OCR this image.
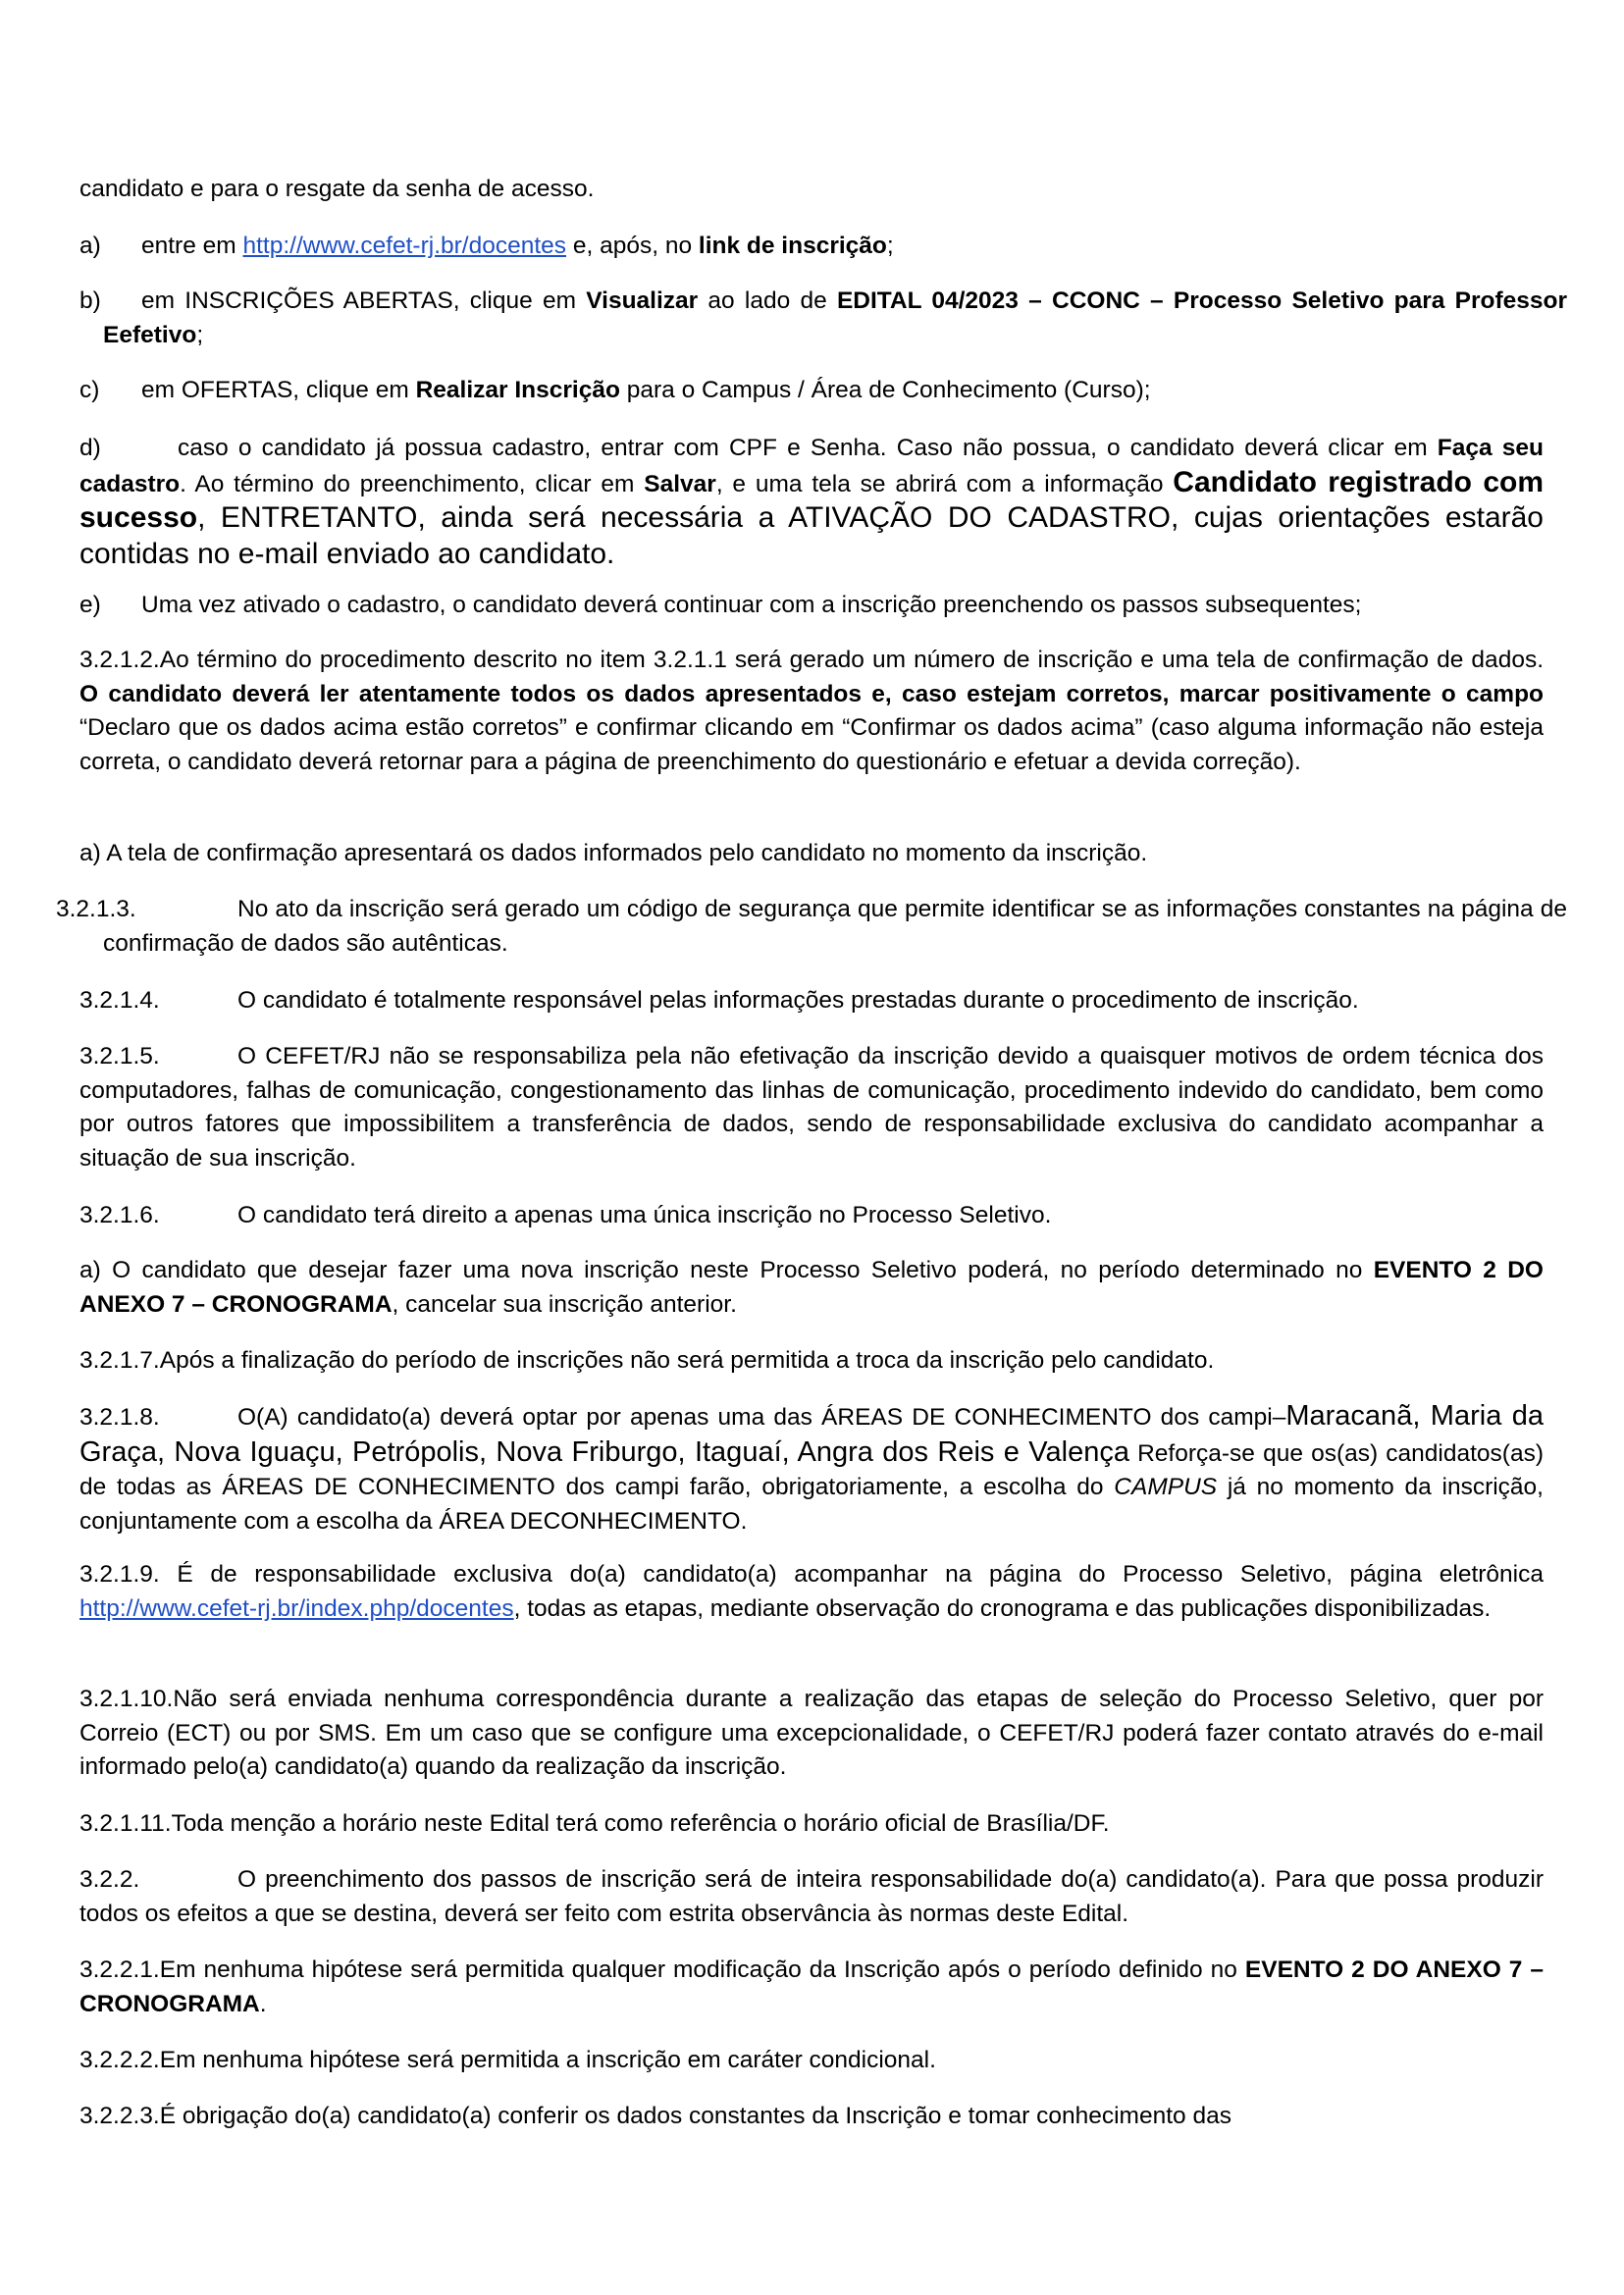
candidato e para o resgate da senha de acesso.

a) entre em http://www.cefet-rj.br/docentes e, após, no link de inscrição;

b) em INSCRIÇÕES ABERTAS, clique em Visualizar ao lado de EDITAL 04/2023 – CCONC – Processo Seletivo para Professor Eefetivo;

c) em OFERTAS, clique em Realizar Inscrição para o Campus / Área de Conhecimento (Curso);

d)	caso o candidato já possua cadastro, entrar com CPF e Senha. Caso não possua, o candidato deverá clicar em Faça seu cadastro. Ao término do preenchimento, clicar em Salvar, e uma tela se abrirá com a informação Candidato registrado com sucesso, ENTRETANTO, ainda será necessária a ATIVAÇÃO DO CADASTRO, cujas orientações estarão contidas no e-mail enviado ao candidato.

e) Uma vez ativado o cadastro, o candidato deverá continuar com a inscrição preenchendo os passos subsequentes;

3.2.1.2.Ao término do procedimento descrito no item 3.2.1.1 será gerado um número de inscrição e uma tela de confirmação de dados. O candidato deverá ler atentamente todos os dados apresentados e, caso estejam corretos, marcar positivamente o campo “Declaro que os dados acima estão corretos” e confirmar clicando em “Confirmar os dados acima” (caso alguma informação não esteja correta, o candidato deverá retornar para a página de preenchimento do questionário e efetuar a devida correção).

a) A tela de confirmação apresentará os dados informados pelo candidato no momento da inscrição.

3.2.1.3.	No ato da inscrição será gerado um código de segurança que permite identificar se as informações constantes na página de confirmação de dados são autênticas.

3.2.1.4.	O candidato é totalmente responsável pelas informações prestadas durante o procedimento de inscrição.

3.2.1.5.	O CEFET/RJ não se responsabiliza pela não efetivação da inscrição devido a quaisquer motivos de ordem técnica dos computadores, falhas de comunicação, congestionamento das linhas de comunicação, procedimento indevido do candidato, bem como por outros fatores que impossibilitem a transferência de dados, sendo de responsabilidade exclusiva do candidato acompanhar a situação de sua inscrição.

3.2.1.6.	O candidato terá direito a apenas uma única inscrição no Processo Seletivo.

a) O candidato que desejar fazer uma nova inscrição neste Processo Seletivo poderá, no período determinado no EVENTO 2 DO ANEXO 7 – CRONOGRAMA, cancelar sua inscrição anterior.

3.2.1.7.Após a finalização do período de inscrições não será permitida a troca da inscrição pelo candidato.

3.2.1.8.	O(A) candidato(a) deverá optar por apenas uma das ÁREAS DE CONHECIMENTO dos campi–Maracanã, Maria da Graça, Nova Iguaçu, Petrópolis, Nova Friburgo, Itaguaí, Angra dos Reis e Valença Reforça-se que os(as) candidatos(as) de todas as ÁREAS DE CONHECIMENTO dos campi farão, obrigatoriamente, a escolha do CAMPUS já no momento da inscrição, conjuntamente com a escolha da ÁREA DECONHECIMENTO.

3.2.1.9. É de responsabilidade exclusiva do(a) candidato(a) acompanhar na página do Processo Seletivo, página eletrônica http://www.cefet-rj.br/index.php/docentes, todas as etapas, mediante observação do cronograma e das publicações disponibilizadas.

3.2.1.10.Não será enviada nenhuma correspondência durante a realização das etapas de seleção do Processo Seletivo, quer por Correio (ECT) ou por SMS. Em um caso que se configure uma excepcionalidade, o CEFET/RJ poderá fazer contato através do e-mail informado pelo(a) candidato(a) quando da realização da inscrição.

3.2.1.11.Toda menção a horário neste Edital terá como referência o horário oficial de Brasília/DF.

3.2.2.	O preenchimento dos passos de inscrição será de inteira responsabilidade do(a) candidato(a). Para que possa produzir todos os efeitos a que se destina, deverá ser feito com estrita observância às normas deste Edital.

3.2.2.1.Em nenhuma hipótese será permitida qualquer modificação da Inscrição após o período definido no EVENTO 2 DO ANEXO 7 – CRONOGRAMA.

3.2.2.2.Em nenhuma hipótese será permitida a inscrição em caráter condicional.

3.2.2.3.É obrigação do(a) candidato(a) conferir os dados constantes da Inscrição e tomar conhecimento das
